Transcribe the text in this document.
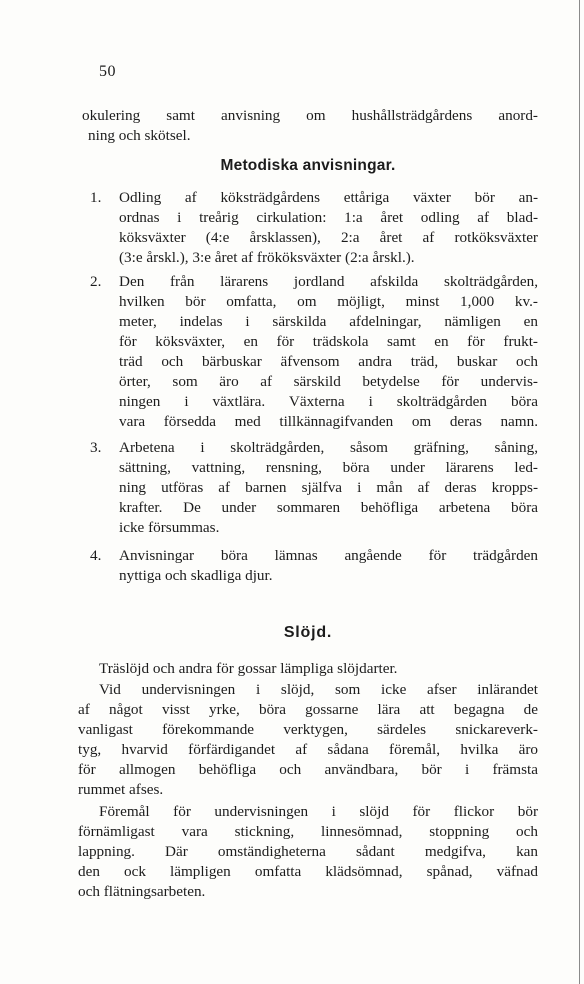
50
okulering samt anvisning om hushållsträdgårdens anord-
ning och skötsel.
Metodiska anvisningar.
1. Odling af köksträdgårdens ettåriga växter bör an-
ordnas i treårig cirkulation: 1:a året odling af blad-
köksväxter (4:e årsklassen), 2:a året af rotköksväxter
(3:e årskl.), 3:e året af frököksväxter (2:a årskl.).
2. Den från lärarens jordland afskilda skolträdgården,
hvilken bör omfatta, om möjligt, minst 1,000 kv.-
meter, indelas i särskilda afdelningar, nämligen en
för köksväxter, en för trädskola samt en för frukt-
träd och bärbuskar äfvensom andra träd, buskar och
örter, som äro af särskild betydelse för undervis-
ningen i växtlära. Växterna i skolträdgården böra
vara försedda med tillkännagifvanden om deras namn.
3. Arbetena i skolträdgården, såsom gräfning, såning,
sättning, vattning, rensning, böra under lärarens led-
ning utföras af barnen själfva i mån af deras kropps-
krafter. De under sommaren behöfliga arbetena böra
icke försummas.
4. Anvisningar böra lämnas angående för trädgården
nyttiga och skadliga djur.
Slöjd.
Träslöjd och andra för gossar lämpliga slöjdarter.
Vid undervisningen i slöjd, som icke afser inlärandet
af något visst yrke, böra gossarne lära att begagna de
vanligast förekommande verktygen, särdeles snickareverk-
tyg, hvarvid förfärdigandet af sådana föremål, hvilka äro
för allmogen behöfliga och användbara, bör i främsta
rummet afses.
Föremål för undervisningen i slöjd för flickor bör
förnämligast vara stickning, linnesömnad, stoppning och
lappning. Där omständigheterna sådant medgifva, kan
den ock lämpligen omfatta klädsömnad, spånad, väfnad
och flätningsarbeten.
